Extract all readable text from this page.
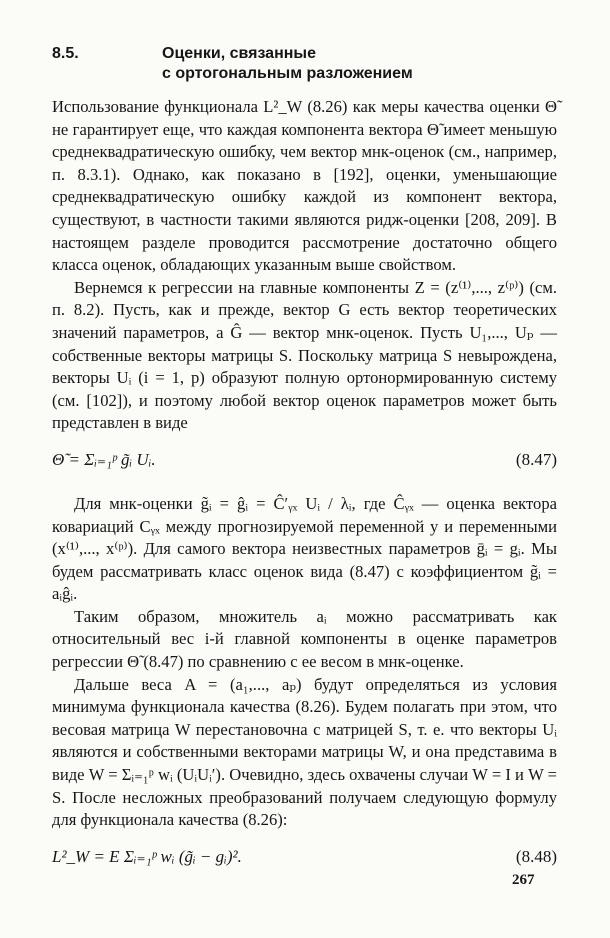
8.5.	Оценки, связанные
с ортогональным разложением

Использование функционала L²_W (8.26) как меры качества оценки Θ̃ не гарантирует еще, что каждая компонента вектора Θ̃ имеет меньшую среднеквадратическую ошибку, чем вектор мнк-оценок (см., например, п. 8.3.1). Однако, как показано в [192], оценки, уменьшающие среднеквадратическую ошибку каждой из компонент вектора, существуют, в частности такими являются ридж-оценки [208, 209]. В настоящем разделе проводится рассмотрение достаточно общего класса оценок, обладающих указанным выше свойством.

Вернемся к регрессии на главные компоненты Z = (z⁽¹⁾,..., z⁽ᵖ⁾) (см. п. 8.2). Пусть, как и прежде, вектор G есть вектор теоретических значений параметров, а Ĝ — вектор мнк-оценок. Пусть U₁,..., Uₚ — собственные векторы матрицы S. Поскольку матрица S невырождена, векторы Uᵢ (i = 1, p) образуют полную ортонормированную систему (см. [102]), и поэтому любой вектор оценок параметров может быть представлен в виде

Θ̃ = Σᵢ₌₁ᵖ g̃ᵢ Uᵢ.	(8.47)

Для мнк-оценки g̃ᵢ = ĝᵢ = Ĉ′ᵧₓ Uᵢ / λᵢ, где Ĉᵧₓ — оценка вектора ковариаций Cᵧₓ между прогнозируемой переменной y и переменными (x⁽¹⁾,..., x⁽ᵖ⁾). Для самого вектора неизвестных параметров ḡᵢ = gᵢ. Мы будем рассматривать класс оценок вида (8.47) с коэффициентом g̃ᵢ = aᵢĝᵢ.

Таким образом, множитель aᵢ можно рассматривать как относительный вес i-й главной компоненты в оценке параметров регрессии Θ̃ (8.47) по сравнению с ее весом в мнк-оценке.

Дальше веса A = (a₁,..., aₚ) будут определяться из условия минимума функционала качества (8.26). Будем полагать при этом, что весовая матрица W перестановочна с матрицей S, т. е. что векторы Uᵢ являются и собственными векторами матрицы W, и она представима в виде W = Σᵢ₌₁ᵖ wᵢ (UᵢUᵢ′). Очевидно, здесь охвачены случаи W = I и W = S. После несложных преобразований получаем следующую формулу для функционала качества (8.26):

L²_W = E Σᵢ₌₁ᵖ wᵢ (g̃ᵢ − gᵢ)².	(8.48)
267
